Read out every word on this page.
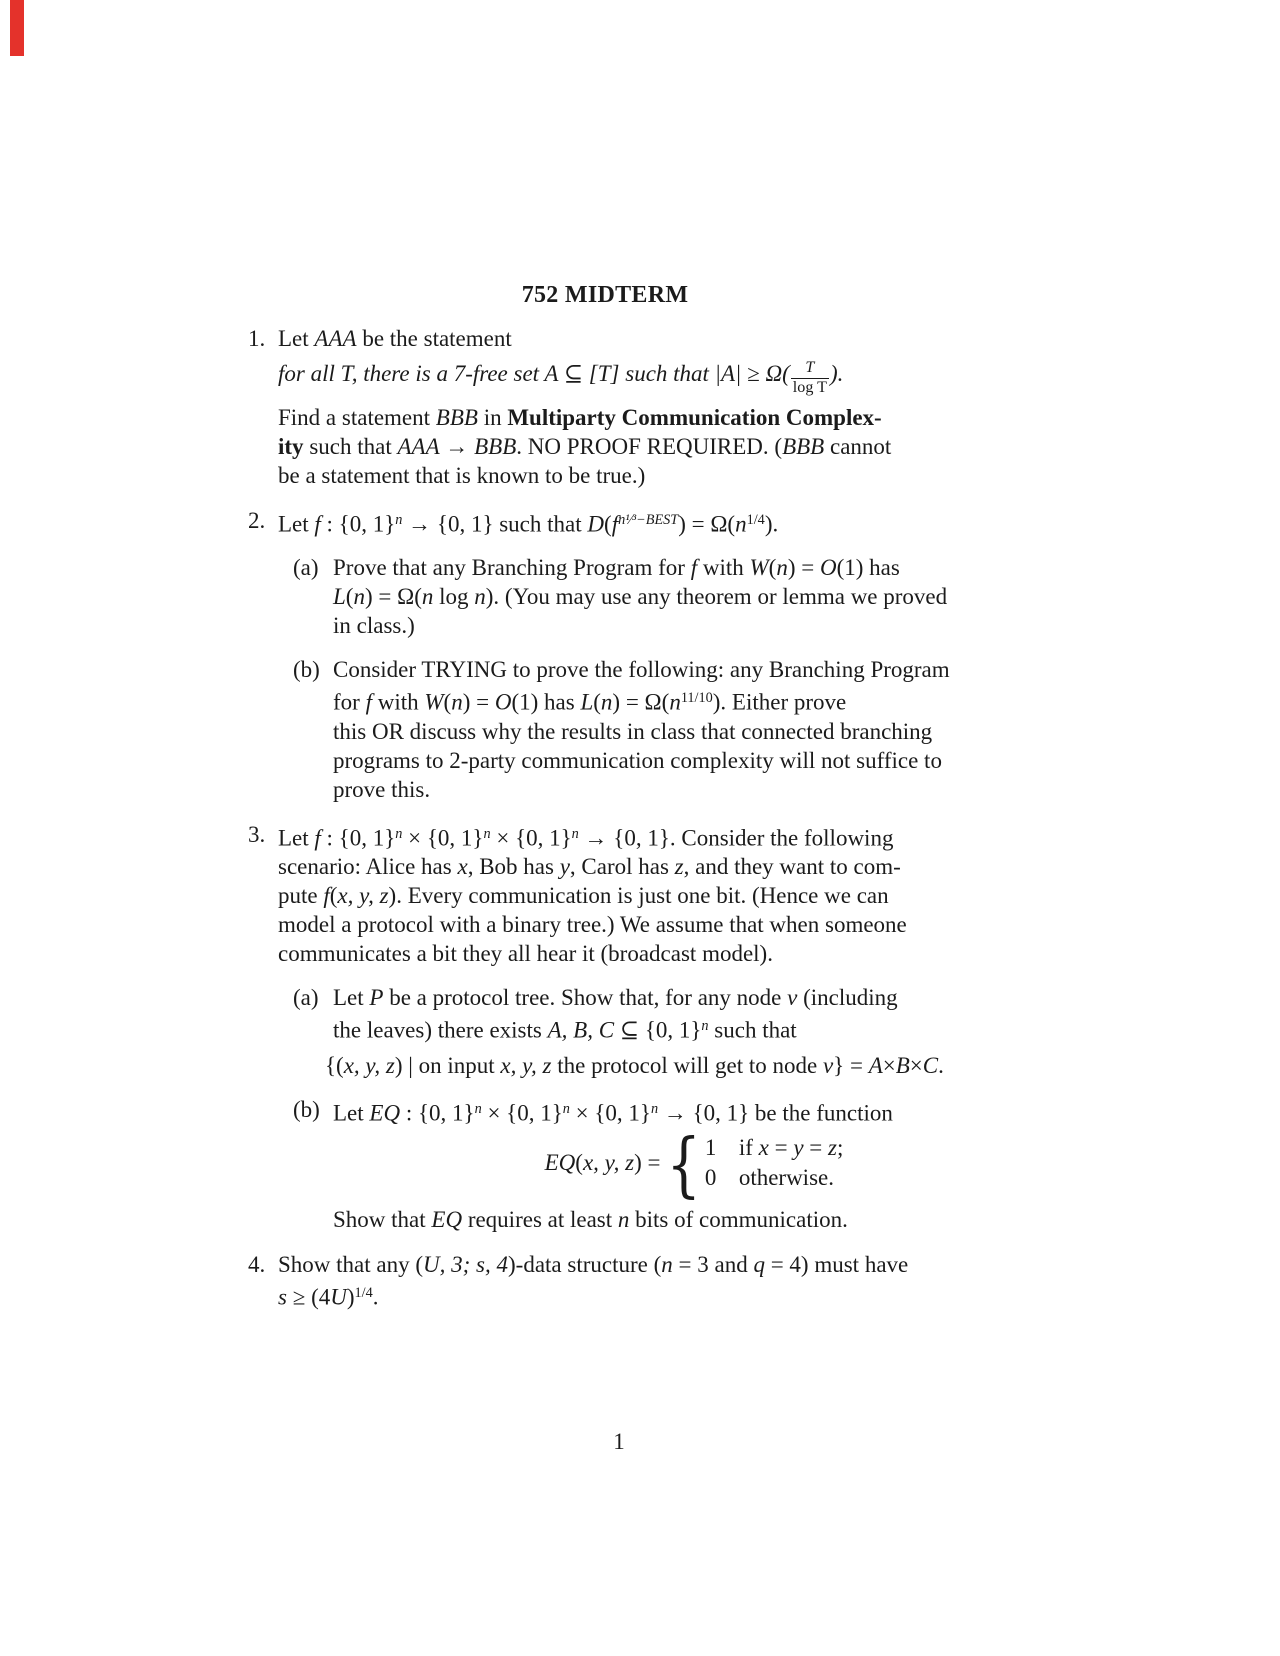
752 MIDTERM
1. Let AAA be the statement
for all T, there is a 7-free set A ⊆ [T] such that $|A| \ge \Omega( \frac{T}{\text{log T}}$ ).
Find a statement BBB in Multiparty Communication Complex-
ity such that AAA → BBB. NO PROOF REQUIRED. (BBB cannot
be a statement that is known to be true.)
2. Let f : {0, 1}$^n$ → {0, 1} such that $D(f^{n^1⁄^3-BEST}) = \Omega(n^{1/4})$.
(a) Prove that any Branching Program for f with W(n) = O(1) has
L(n) = Ω(n log n). (You may use any theorem or lemma we proved
in class.)
(b) Consider TRYING to prove the following: any Branching Program
for f with W(n) = O(1) has $L(n) = \Omega(n^{11/10})$. Either prove
this OR discuss why the results in class that connected branching
programs to 2-party communication complexity will not suffice to
prove this.
3. Let f : {0, 1}$^n$ × {0, 1}$^n$ × {0, 1}$^n$ → {0, 1}. Consider the following
scenario: Alice has x, Bob has y, Carol has z, and they want to com-
pute f(x, y, z). Every communication is just one bit. (Hence we can
model a protocol with a binary tree.) We assume that when someone
communicates a bit they all hear it (broadcast model).
(a) Let P be a protocol tree. Show that, for any node v (including
the leaves) there exists A, B, C ⊆ {0, 1}$^n$ such that
{(x, y, z) | on input x, y, z the protocol will get to node v} = A×B×C.
(b) Let EQ : {0, 1}$^n$ × {0, 1}$^n$ × {0, 1}$^n$ → {0, 1} be the function
EQ(x, y, z) = { 1 if x = y = z;
0 otherwise.
Show that EQ requires at least n bits of communication.
4. Show that any (U, 3; s, 4)-data structure (n = 3 and q = 4) must have
$s \ge (4U)^{1/4}$.
1
